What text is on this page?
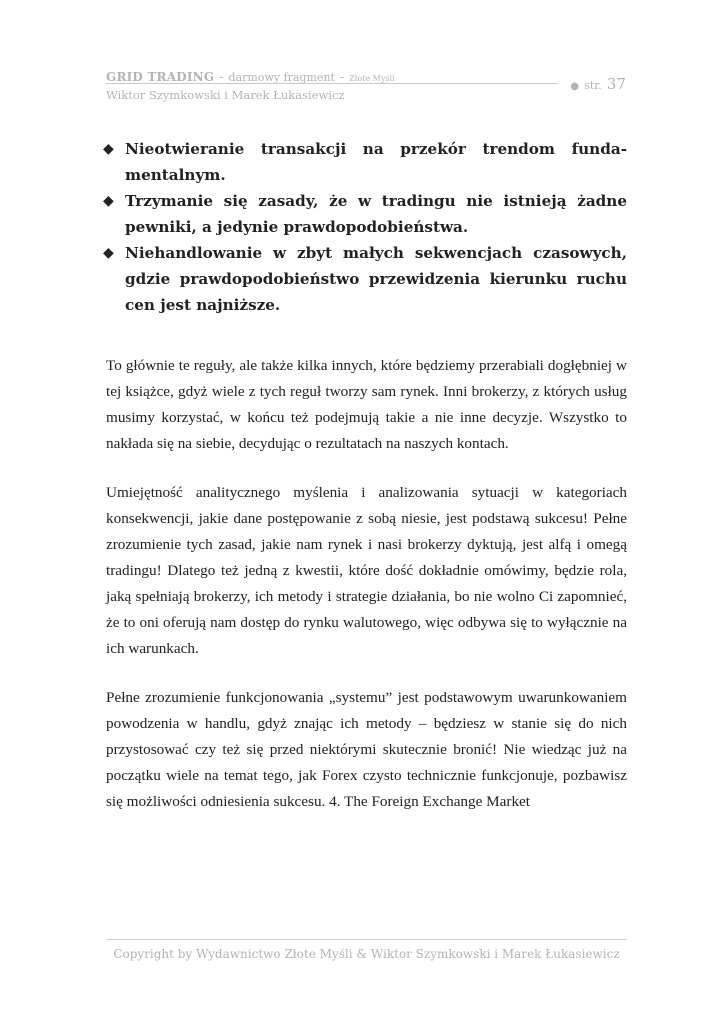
GRID TRADING - darmowy fragment - Złote Myśli
Wiktor Szymkowski i Marek Łukasiewicz
● str. 37
◆ Nieotwieranie transakcji na przekór trendom fundamentalnym.
◆ Trzymanie się zasady, że w tradingu nie istnieją żadne pewniki, a jedynie prawdopodobieństwa.
◆ Niehandlowanie w zbyt małych sekwencjach czasowych, gdzie prawdopodobieństwo przewidzenia kierunku ruchu cen jest najniższe.

To głównie te reguły, ale także kilka innych, które będziemy przerabiali dogłębniej w tej książce, gdyż wiele z tych reguł tworzy sam rynek. Inni brokerzy, z których usług musimy korzystać, w końcu też podejmują takie a nie inne decyzje. Wszystko to nakłada się na siebie, decydując o rezultatach na naszych kontach.

Umiejętność analitycznego myślenia i analizowania sytuacji w kategoriach konsekwencji, jakie dane postępowanie z sobą niesie, jest podstawą sukcesu! Pełne zrozumienie tych zasad, jakie nam rynek i nasi brokerzy dyktują, jest alfą i omegą tradingu! Dlatego też jedną z kwestii, które dość dokładnie omówimy, będzie rola, jaką spełniają brokerzy, ich metody i strategie działania, bo nie wolno Ci zapomnieć, że to oni oferują nam dostęp do rynku walutowego, więc odbywa się to wyłącznie na ich warunkach.

Pełne zrozumienie funkcjonowania „systemu” jest podstawowym uwarunkowaniem powodzenia w handlu, gdyż znając ich metody – będziesz w stanie się do nich przystosować czy też się przed niektórymi skutecznie bronić! Nie wiedząc już na początku wiele na temat tego, jak Forex czysto technicznie funkcjonuje, pozbawisz się możliwości odniesienia sukcesu. 4. The Foreign Exchange Market

Copyright by Wydawnictwo Złote Myśli & Wiktor Szymkowski i Marek Łukasiewicz
